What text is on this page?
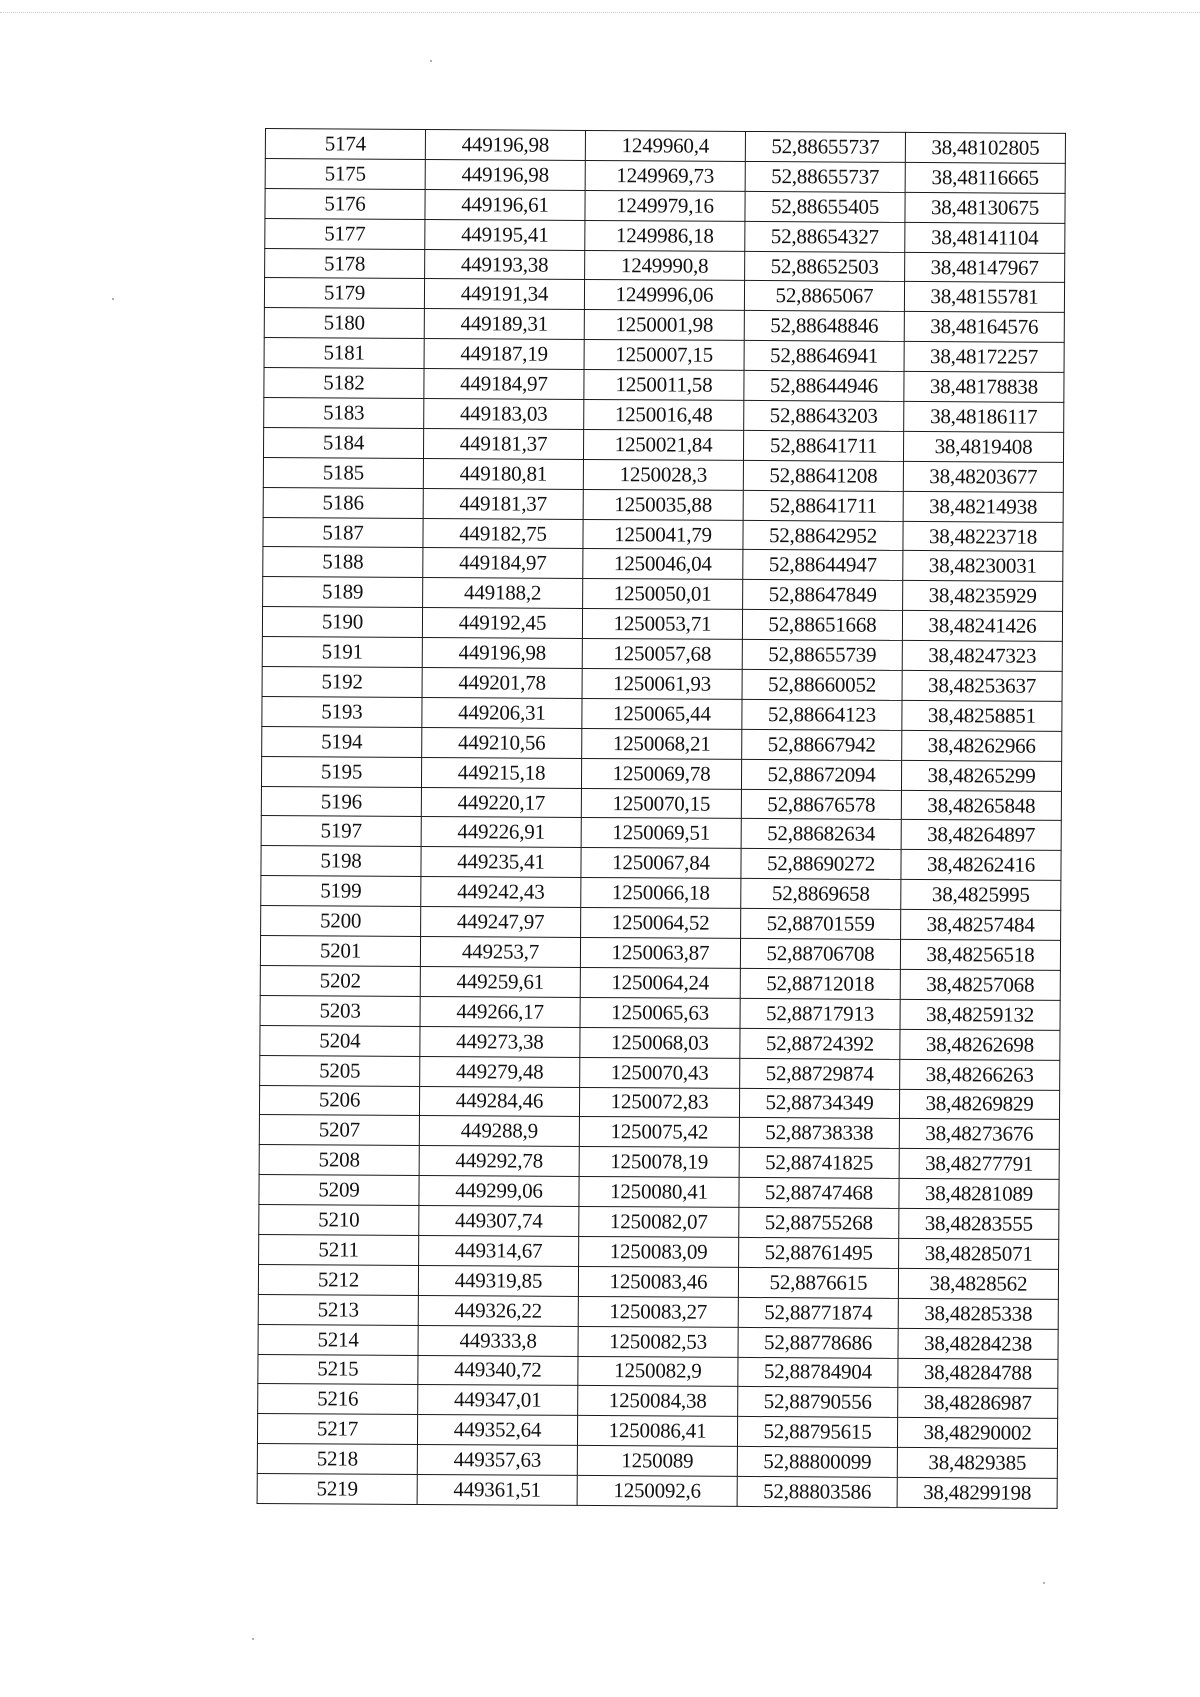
5174	449196,98	1249960,4	52,88655737	38,48102805
5175	449196,98	1249969,73	52,88655737	38,48116665
5176	449196,61	1249979,16	52,88655405	38,48130675
5177	449195,41	1249986,18	52,88654327	38,48141104
5178	449193,38	1249990,8	52,88652503	38,48147967
5179	449191,34	1249996,06	52,8865067	38,48155781
5180	449189,31	1250001,98	52,88648846	38,48164576
5181	449187,19	1250007,15	52,88646941	38,48172257
5182	449184,97	1250011,58	52,88644946	38,48178838
5183	449183,03	1250016,48	52,88643203	38,48186117
5184	449181,37	1250021,84	52,88641711	38,4819408
5185	449180,81	1250028,3	52,88641208	38,48203677
5186	449181,37	1250035,88	52,88641711	38,48214938
5187	449182,75	1250041,79	52,88642952	38,48223718
5188	449184,97	1250046,04	52,88644947	38,48230031
5189	449188,2	1250050,01	52,88647849	38,48235929
5190	449192,45	1250053,71	52,88651668	38,48241426
5191	449196,98	1250057,68	52,88655739	38,48247323
5192	449201,78	1250061,93	52,88660052	38,48253637
5193	449206,31	1250065,44	52,88664123	38,48258851
5194	449210,56	1250068,21	52,88667942	38,48262966
5195	449215,18	1250069,78	52,88672094	38,48265299
5196	449220,17	1250070,15	52,88676578	38,48265848
5197	449226,91	1250069,51	52,88682634	38,48264897
5198	449235,41	1250067,84	52,88690272	38,48262416
5199	449242,43	1250066,18	52,8869658	38,4825995
5200	449247,97	1250064,52	52,88701559	38,48257484
5201	449253,7	1250063,87	52,88706708	38,48256518
5202	449259,61	1250064,24	52,88712018	38,48257068
5203	449266,17	1250065,63	52,88717913	38,48259132
5204	449273,38	1250068,03	52,88724392	38,48262698
5205	449279,48	1250070,43	52,88729874	38,48266263
5206	449284,46	1250072,83	52,88734349	38,48269829
5207	449288,9	1250075,42	52,88738338	38,48273676
5208	449292,78	1250078,19	52,88741825	38,48277791
5209	449299,06	1250080,41	52,88747468	38,48281089
5210	449307,74	1250082,07	52,88755268	38,48283555
5211	449314,67	1250083,09	52,88761495	38,48285071
5212	449319,85	1250083,46	52,8876615	38,4828562
5213	449326,22	1250083,27	52,88771874	38,48285338
5214	449333,8	1250082,53	52,88778686	38,48284238
5215	449340,72	1250082,9	52,88784904	38,48284788
5216	449347,01	1250084,38	52,88790556	38,48286987
5217	449352,64	1250086,41	52,88795615	38,48290002
5218	449357,63	1250089	52,88800099	38,4829385
5219	449361,51	1250092,6	52,88803586	38,48299198
